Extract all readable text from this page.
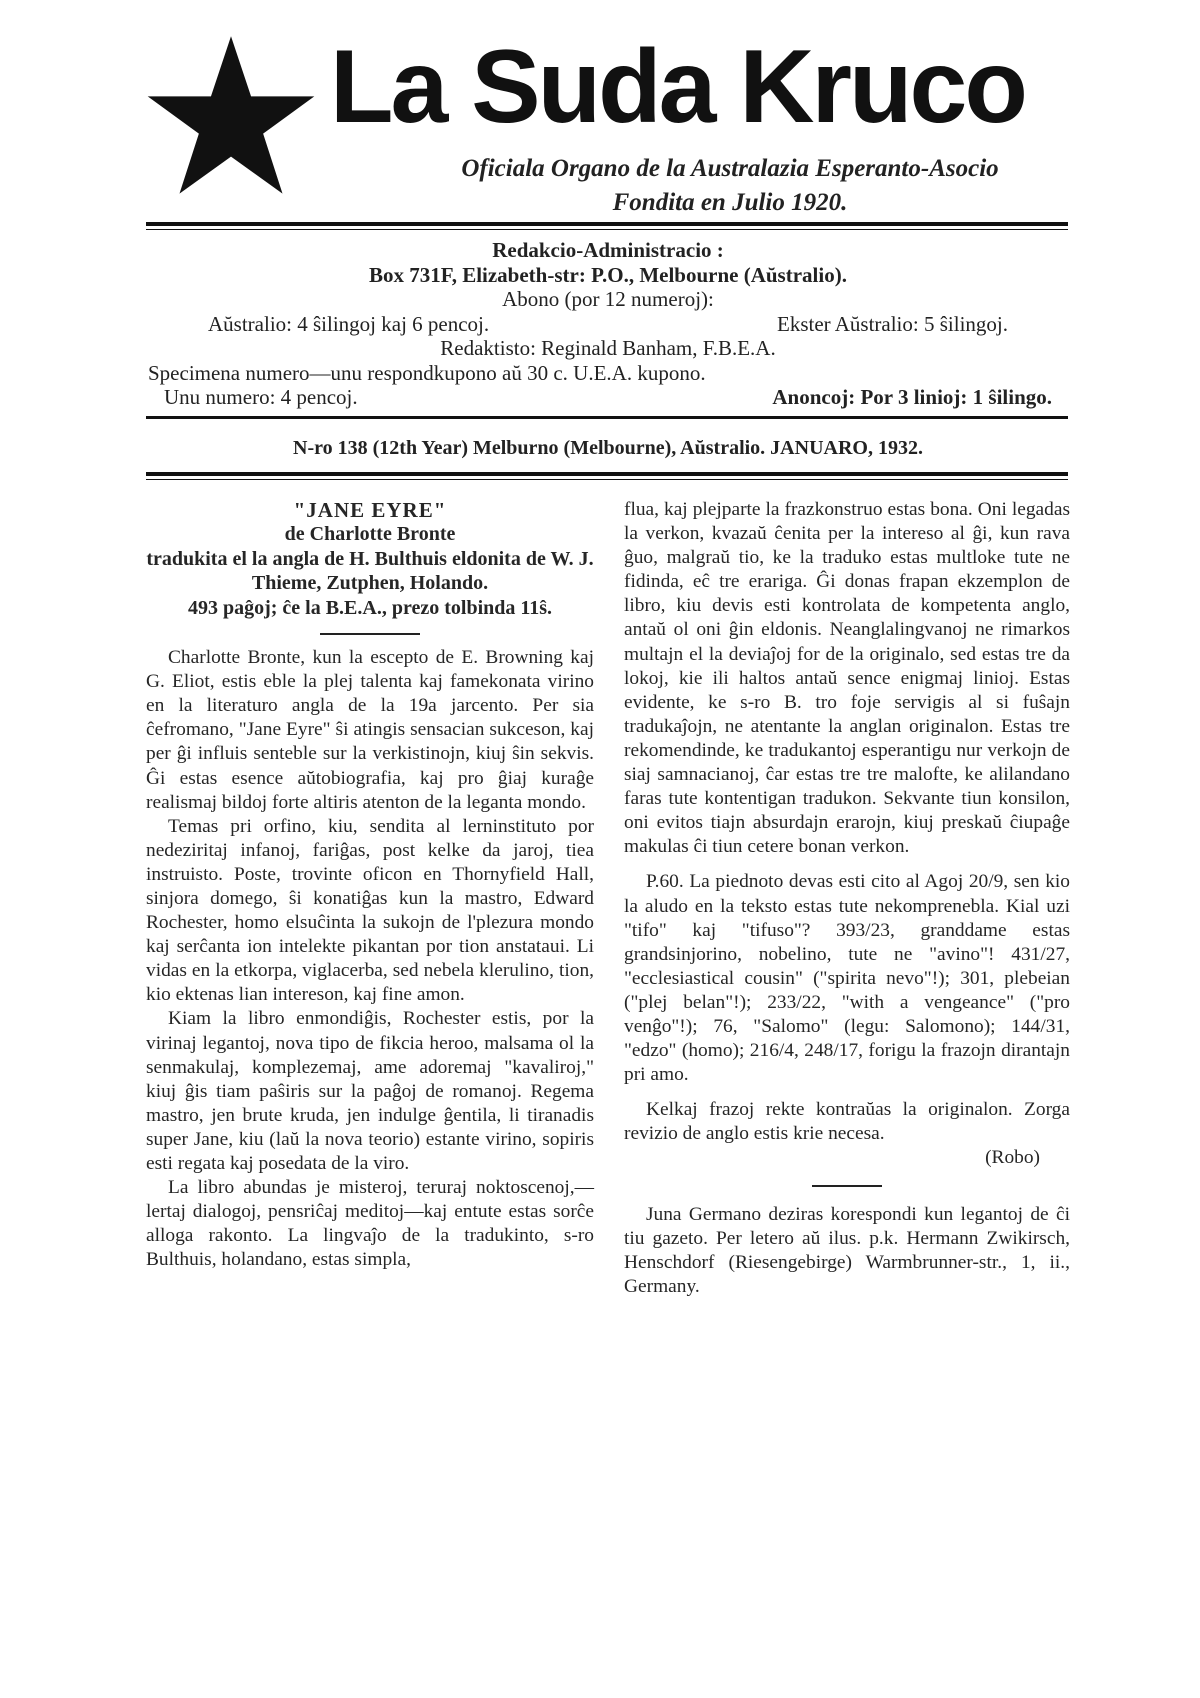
La Suda Kruco
Oficiala Organo de la Australazia Esperanto-Asocio
Fondita en Julio 1920.
Redakcio-Administracio :
Box 731F, Elizabeth-str: P.O., Melbourne (Aŭstralio).
Abono (por 12 numeroj):
Aŭstralio: 4 ŝilingoj kaj 6 pencoj.	Ekster Aŭstralio: 5 ŝilingoj.
Redaktisto: Reginald Banham, F.B.E.A.
Specimena numero—unu respondkupono aŭ 30 c. U.E.A. kupono.
Unu numero: 4 pencoj.	Anoncoj: Por 3 linioj: 1 ŝilingo.
N-ro 138 (12th Year) Melburno (Melbourne), Aŭstralio. JANUARO, 1932.
"JANE EYRE"
de Charlotte Bronte
tradukita el la angla de H. Bulthuis eldonita de W. J. Thieme, Zutphen, Holando.
493 paĝoj; ĉe la B.E.A., prezo tolbinda 11ŝ.

Charlotte Bronte, kun la escepto de E. Browning kaj G. Eliot, estis eble la plej talenta kaj famekonata virino en la literaturo angla de la 19a jarcento. Per sia ĉefromano, "Jane Eyre" ŝi atingis sensacian sukceson, kaj per ĝi influis senteble sur la verkistinojn, kiuj ŝin sekvis. Ĝi estas esence aŭtobiografia, kaj pro ĝiaj kuraĝe realismaj bildoj forte altiris atenton de la leganta mondo.

Temas pri orfino, kiu, sendita al lerninstituto por nedeziritaj infanoj, fariĝas, post kelke da jaroj, tiea instruisto. Poste, trovinte oficon en Thornyfield Hall, sinjora domego, ŝi konatiĝas kun la mastro, Edward Rochester, homo elsuĉinta la sukojn de l'plezura mondo kaj serĉanta ion intelekte pikantan por tion anstataui. Li vidas en la etkorpa, viglacerba, sed nebela klerulino, tion, kio ektenas lian intereson, kaj fine amon.

Kiam la libro enmondiĝis, Rochester estis, por la virinaj legantoj, nova tipo de fikcia heroo, malsama ol la senmakulaj, komplezemaj, ame adoremaj "kavaliroj," kiuj ĝis tiam paŝiris sur la paĝoj de romanoj. Regema mastro, jen brute kruda, jen indulge ĝentila, li tiranadis super Jane, kiu (laŭ la nova teorio) estante virino, sopiris esti regata kaj posedata de la viro.

La libro abundas je misteroj, teruraj noktoscenoj,—lertaj dialogoj, pensriĉaj meditoj—kaj entute estas sorĉe alloga rakonto. La lingvaĵo de la tradukinto, s-ro Bulthuis, holandano, estas simpla,

flua, kaj plejparte la frazkonstruo estas bona. Oni legadas la verkon, kvazaŭ ĉenita per la intereso al ĝi, kun rava ĝuo, malgraŭ tio, ke la traduko estas multloke tute ne fidinda, eĉ tre erariga. Ĝi donas frapan ekzemplon de libro, kiu devis esti kontrolata de kompetenta anglo, antaŭ ol oni ĝin eldonis. Neanglalingvanoj ne rimarkos multajn el la deviaĵoj for de la originalo, sed estas tre da lokoj, kie ili haltos antaŭ sence enigmaj linioj. Estas evidente, ke s-ro B. tro foje servigis al si fuŝajn tradukaĵojn, ne atentante la anglan originalon. Estas tre rekomendinde, ke tradukantoj esperantigu nur verkojn de siaj samnacianoj, ĉar estas tre tre malofte, ke alilandano faras tute kontentigan tradukon. Sekvante tiun konsilon, oni evitos tiajn absurdajn erarojn, kiuj preskaŭ ĉiupaĝe makulas ĉi tiun cetere bonan verkon.

P.60. La piednoto devas esti cito al Agoj 20/9, sen kio la aludo en la teksto estas tute nekomprenebla. Kial uzi "tifo" kaj "tifuso"? 393/23, granddame estas grandsinjorino, nobelino, tute ne "avino"! 431/27, "ecclesiastical cousin" ("spirita nevo"!); 301, plebeian ("plej belan"!); 233/22, "with a vengeance" ("pro venĝo"!); 76, "Salomo" (legu: Salomono); 144/31, "edzo" (homo); 216/4, 248/17, forigu la frazojn dirantajn pri amo.

Kelkaj frazoj rekte kontraŭas la originalon. Zorga revizio de anglo estis krie necesa.

(Robo)

Juna Germano deziras korespondi kun legantoj de ĉi tiu gazeto. Per letero aŭ ilus. p.k. Hermann Zwikirsch, Henschdorf (Riesengebirge) Warmbrunner-str., 1, ii., Germany.
